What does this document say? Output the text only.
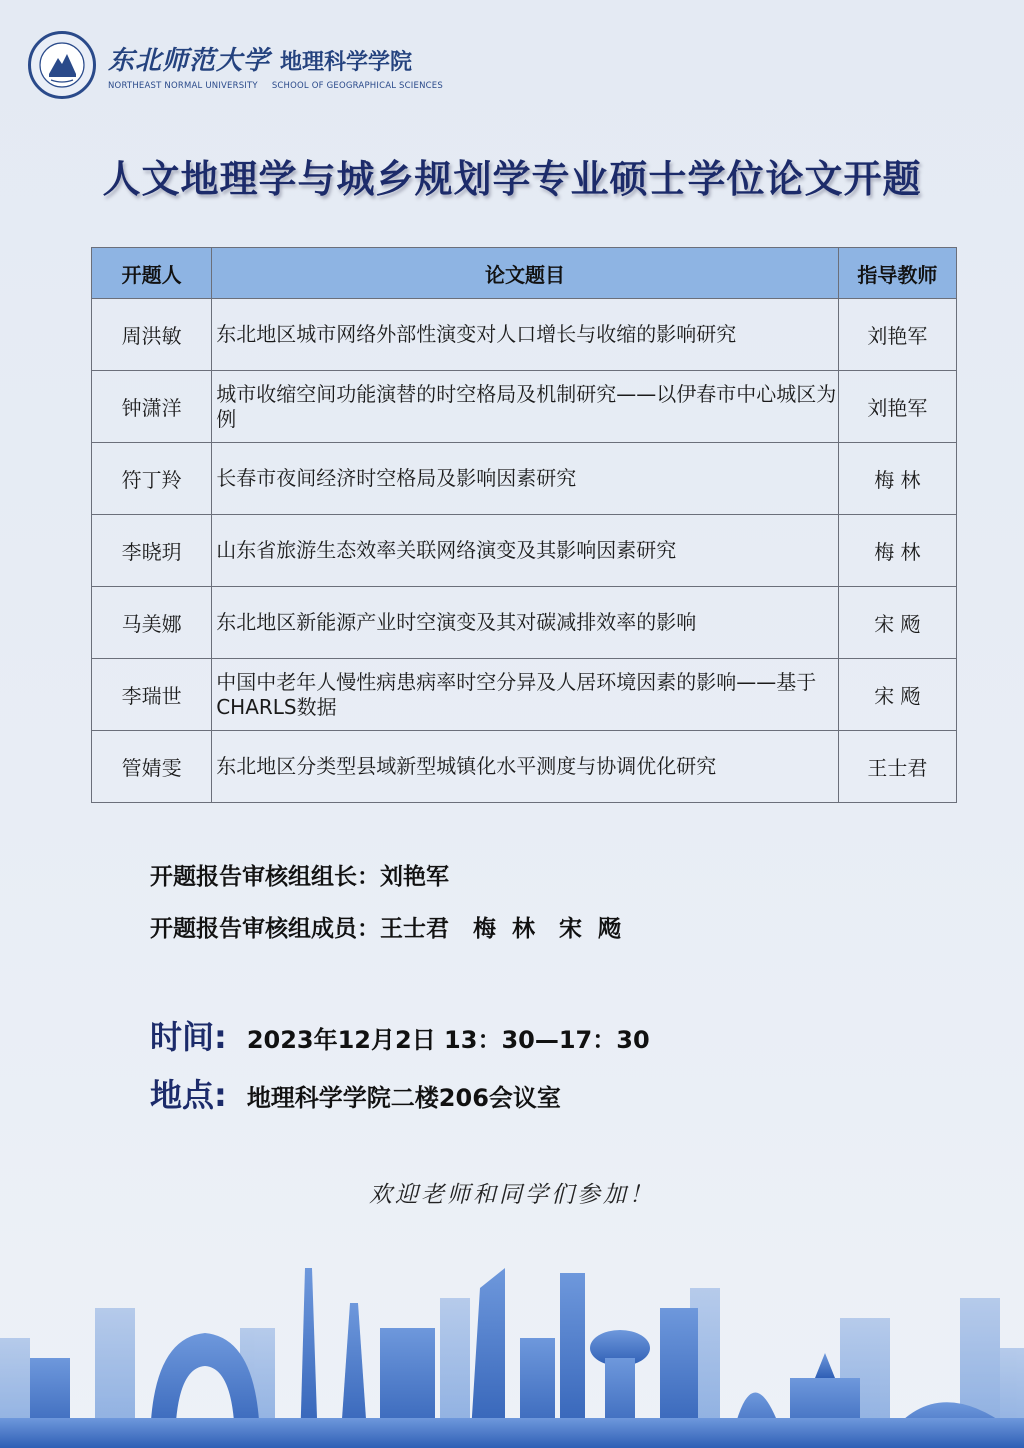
东北师范大学 地理科学学院
NORTHEAST NORMAL UNIVERSITY SCHOOL OF GEOGRAPHICAL SCIENCES
人文地理学与城乡规划学专业硕士学位论文开题
开题人	论文题目	指导教师
周洪敏	东北地区城市网络外部性演变对人口增长与收缩的影响研究	刘艳军
钟潇洋	城市收缩空间功能演替的时空格局及机制研究——以伊春市中心城区为例	刘艳军
符丁羚	长春市夜间经济时空格局及影响因素研究	梅 林
李晓玥	山东省旅游生态效率关联网络演变及其影响因素研究	梅 林
马美娜	东北地区新能源产业时空演变及其对碳减排效率的影响	宋 飏
李瑞世	中国中老年人慢性病患病率时空分异及人居环境因素的影响——基于CHARLS数据	宋 飏
管婧雯	东北地区分类型县域新型城镇化水平测度与协调优化研究	王士君
开题报告审核组组长：刘艳军
开题报告审核组成员：王士君   梅  林   宋  飏
时间: 2023年12月2日 13：30—17：30
地点: 地理科学学院二楼206会议室
欢迎老师和同学们参加！
